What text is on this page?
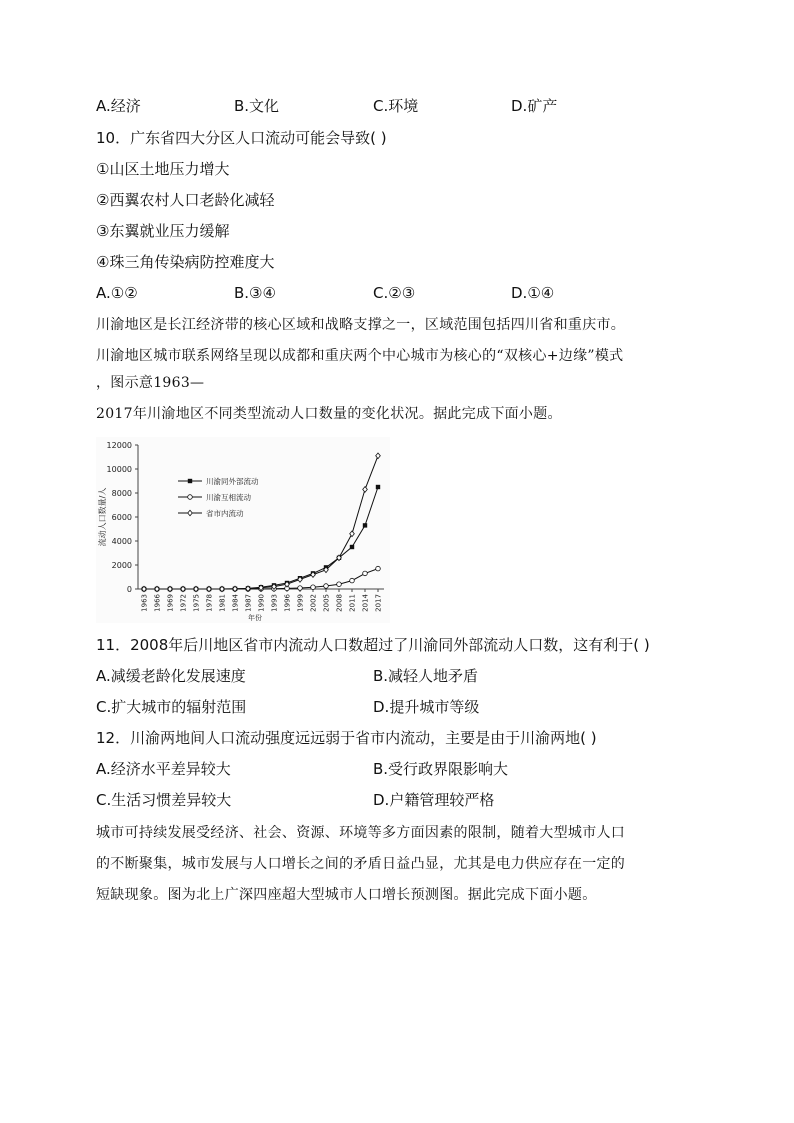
A.经济	B.文化	C.环境	D.矿产
10．广东省四大分区人口流动可能会导致( )
①山区土地压力增大
②西翼农村人口老龄化减轻
③东翼就业压力缓解
④珠三角传染病防控难度大
A.①②	B.③④	C.②③	D.①④
川渝地区是长江经济带的核心区域和战略支撑之一，区域范围包括四川省和重庆市。
川渝地区城市联系网络呈现以成都和重庆两个中心城市为核心的“双核心+边缘”模式
，图示意1963—
2017年川渝地区不同类型流动人口数量的变化状况。据此完成下面小题。
0
2000
4000
6000
8000
10000
12000
流动人口数量/人
1963 1966 1969 1972 1975 1978 1981 1984 1987 1990 1993 1996 1999 2002 2005 2008 2011 2014 2017
年份
川渝同外部流动
川渝互相流动
省市内流动
11．2008年后川地区省市内流动人口数超过了川渝同外部流动人口数，这有利于( )
A.减缓老龄化发展速度	B.减轻人地矛盾
C.扩大城市的辐射范围	D.提升城市等级
12．川渝两地间人口流动强度远远弱于省市内流动，主要是由于川渝两地( )
A.经济水平差异较大	B.受行政界限影响大
C.生活习惯差异较大	D.户籍管理较严格
城市可持续发展受经济、社会、资源、环境等多方面因素的限制，随着大型城市人口
的不断聚集，城市发展与人口增长之间的矛盾日益凸显，尤其是电力供应存在一定的
短缺现象。图为北上广深四座超大型城市人口增长预测图。据此完成下面小题。
